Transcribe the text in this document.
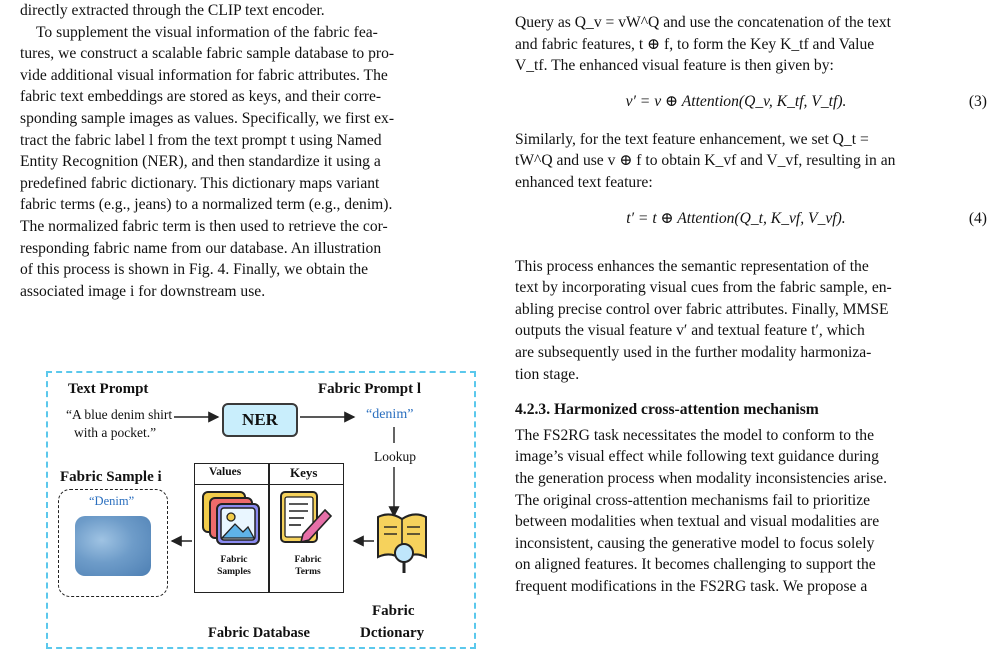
directly extracted through the CLIP text encoder.

To supplement the visual information of the fabric fea-

tures, we construct a scalable fabric sample database to pro-

vide additional visual information for fabric attributes. The

fabric text embeddings are stored as keys, and their corre-

sponding sample images as values. Specifically, we first ex-

tract the fabric label l from the text prompt t using Named

Entity Recognition (NER), and then standardize it using a

predefined fabric dictionary. This dictionary maps variant

fabric terms (e.g., jeans) to a normalized term (e.g., denim).

The normalized fabric term is then used to retrieve the cor-

responding fabric name from our database. An illustration

of this process is shown in Fig. 4. Finally, we obtain the

associated image i for downstream use.

Text Prompt	Fabric Prompt l
“A blue denim shirt
with a pocket.”
NER	“denim”
Lookup
Values	Keys
Fabric Samples
Fabric Terms
Fabric Database
Fabric Sample i
“Denim”
Fabric
Dctionary

Query as Q_v = vW^Q and use the concatenation of the text

and fabric features, t ⊕ f, to form the Key K_tf and Value

V_tf. The enhanced visual feature is then given by:

v′ = v ⊕ Attention(Q_v, K_tf, V_tf).	(3)

Similarly, for the text feature enhancement, we set Q_t =

tW^Q and use v ⊕ f to obtain K_vf and V_vf, resulting in an

enhanced text feature:

t′ = t ⊕ Attention(Q_t, K_vf, V_vf).	(4)

This process enhances the semantic representation of the

text by incorporating visual cues from the fabric sample, en-

abling precise control over fabric attributes. Finally, MMSE

outputs the visual feature v′ and textual feature t′, which

are subsequently used in the further modality harmoniza-

tion stage.

4.2.3. Harmonized cross-attention mechanism

The FS2RG task necessitates the model to conform to the

image’s visual effect while following text guidance during

the generation process when modality inconsistencies arise.

The original cross-attention mechanisms fail to prioritize

between modalities when textual and visual modalities are

inconsistent, causing the generative model to focus solely

on aligned features. It becomes challenging to support the

frequent modifications in the FS2RG task. We propose a
